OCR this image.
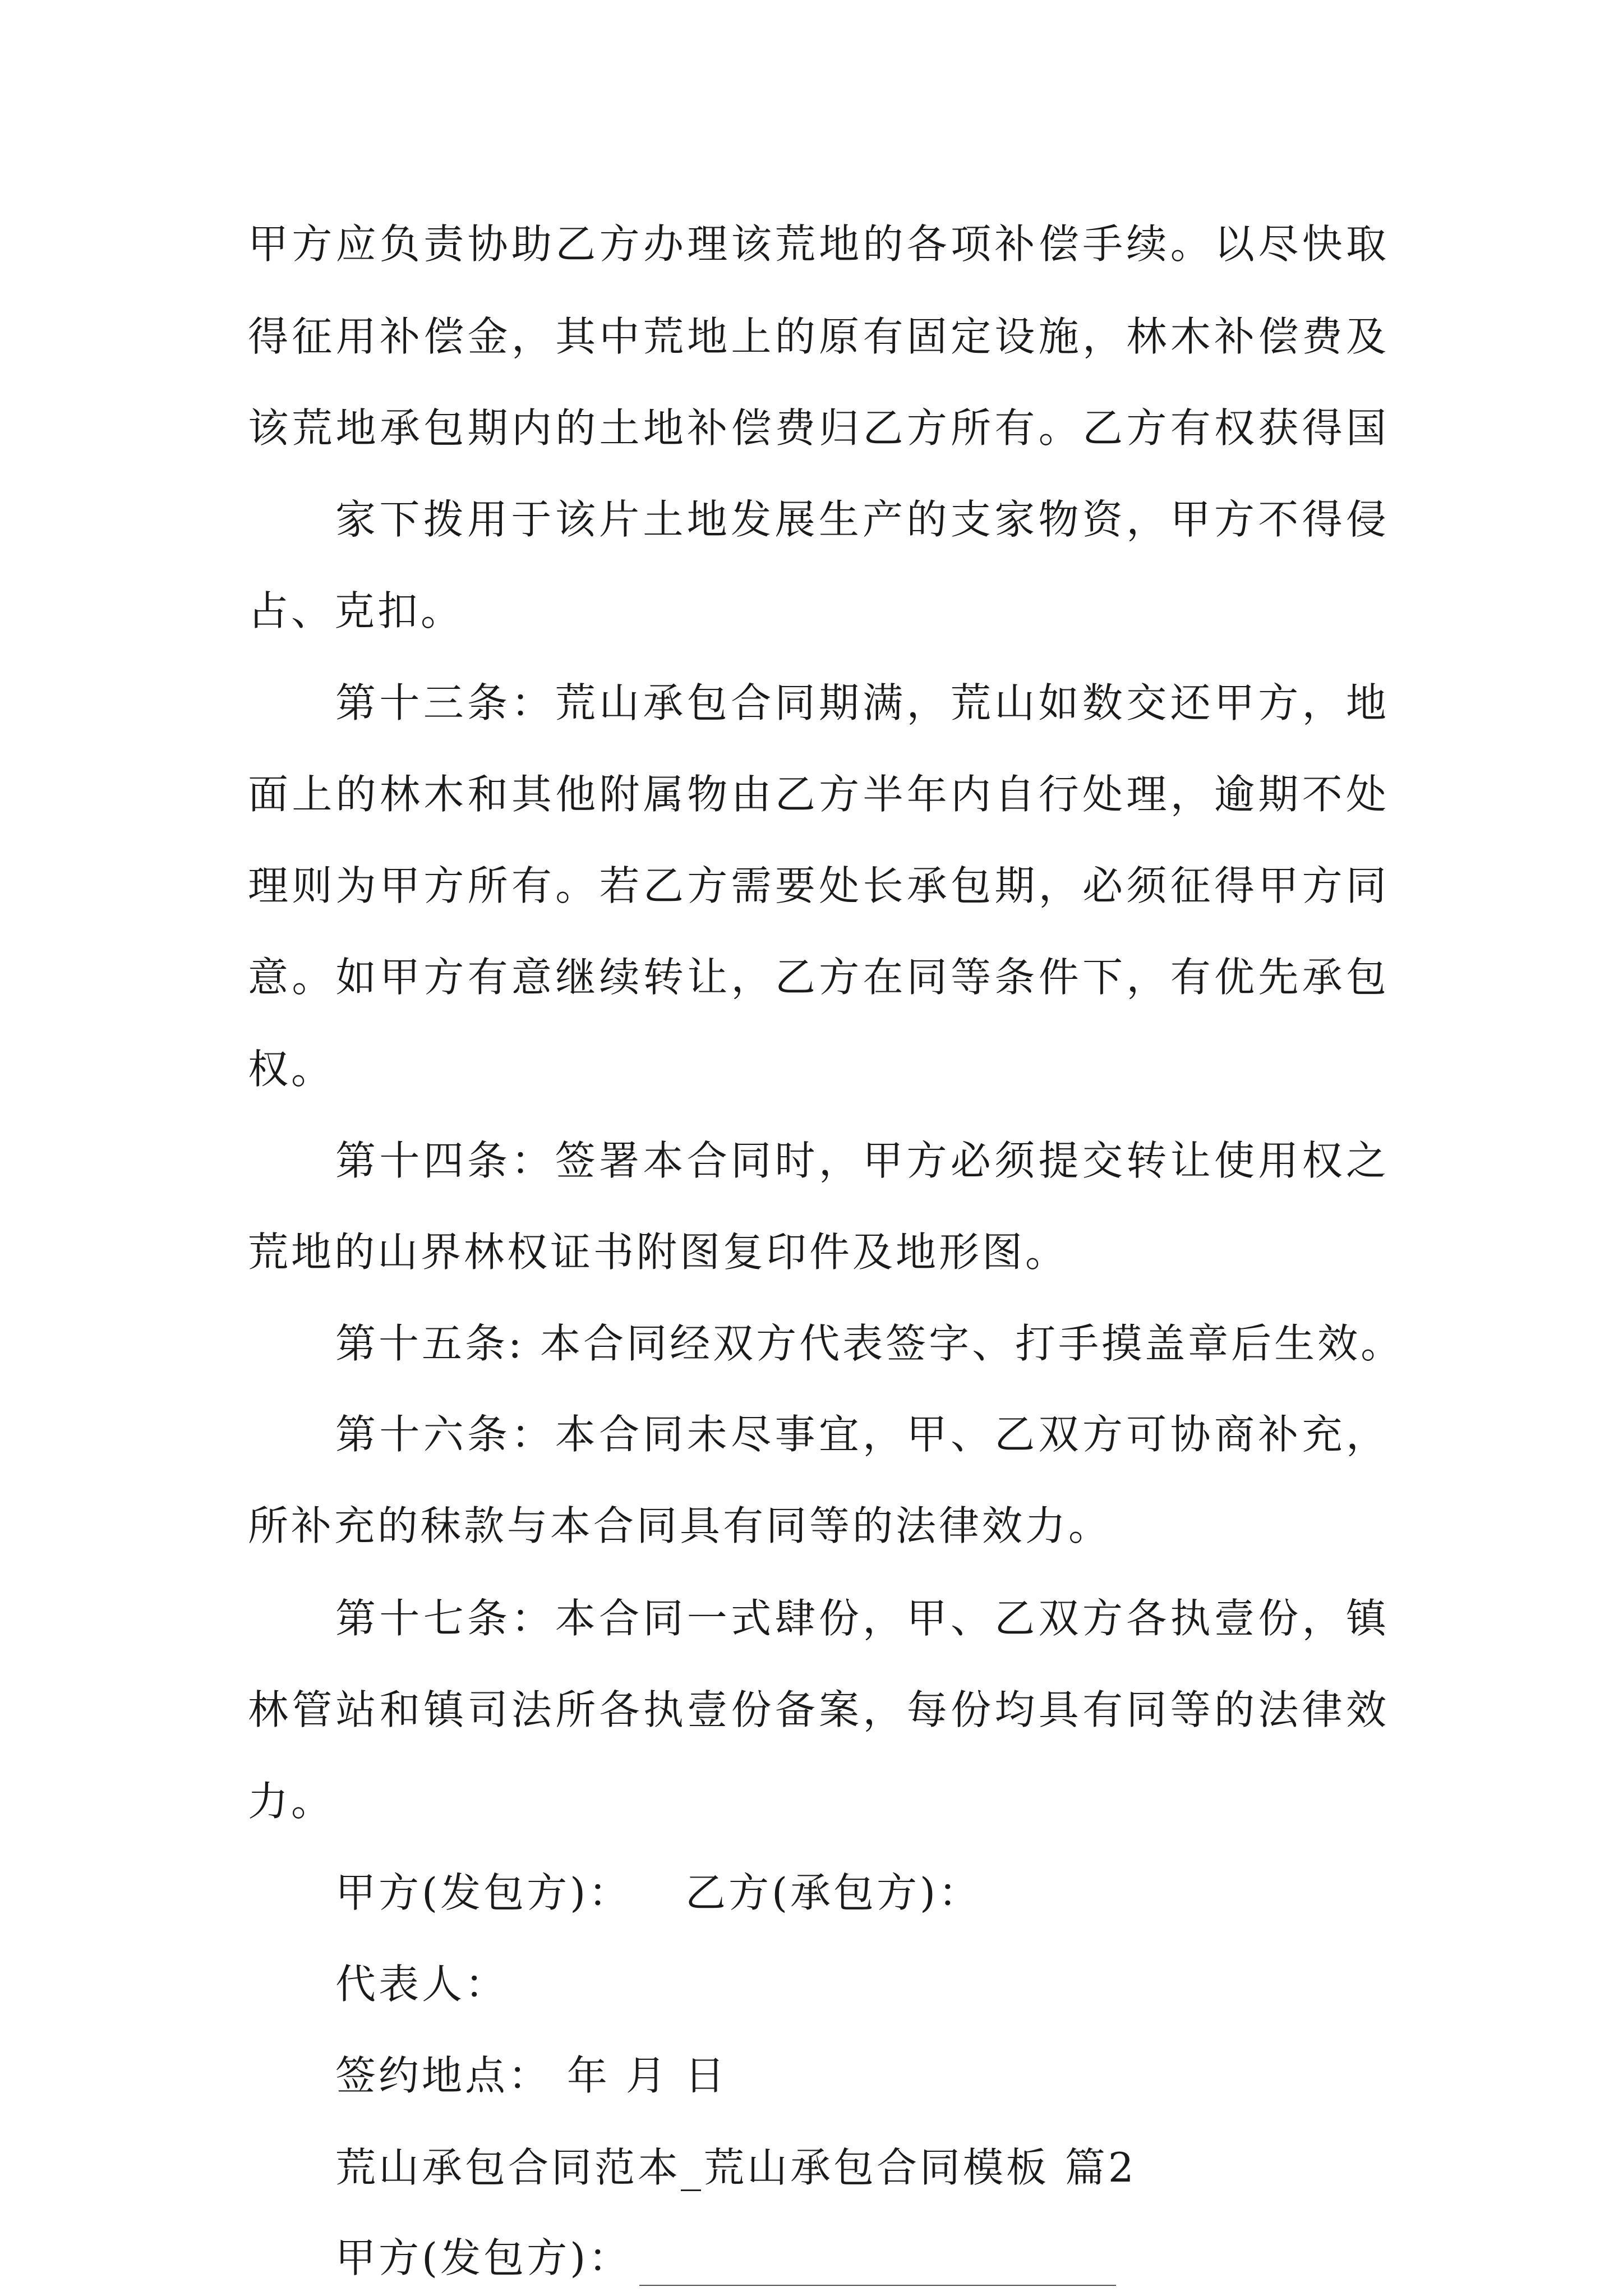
甲方应负责协助乙方办理该荒地的各项补偿手续。以尽快取
得征用补偿金，其中荒地上的原有固定设施，林木补偿费及
该荒地承包期内的土地补偿费归乙方所有。乙方有权获得国
家下拨用于该片土地发展生产的支家物资，甲方不得侵
占、克扣。
第十三条：荒山承包合同期满，荒山如数交还甲方，地
面上的林木和其他附属物由乙方半年内自行处理，逾期不处
理则为甲方所有。若乙方需要处长承包期，必须征得甲方同
意。如甲方有意继续转让，乙方在同等条件下，有优先承包
权。
第十四条：签署本合同时，甲方必须提交转让使用权之
荒地的山界林权证书附图复印件及地形图。
第十五条: 本合同经双方代表签字、打手摸盖章后生效。
第十六条：本合同未尽事宜，甲、乙双方可协商补充，
所补充的秣款与本合同具有同等的法律效力。
第十七条：本合同一式肆份，甲、乙双方各执壹份，镇
林管站和镇司法所各执壹份备案，每份均具有同等的法律效
力。
甲方(发包方)： 乙方(承包方)：
代表人：
签约地点： 年 月 日
荒山承包合同范本_荒山承包合同模板 篇2
甲方(发包方)：
